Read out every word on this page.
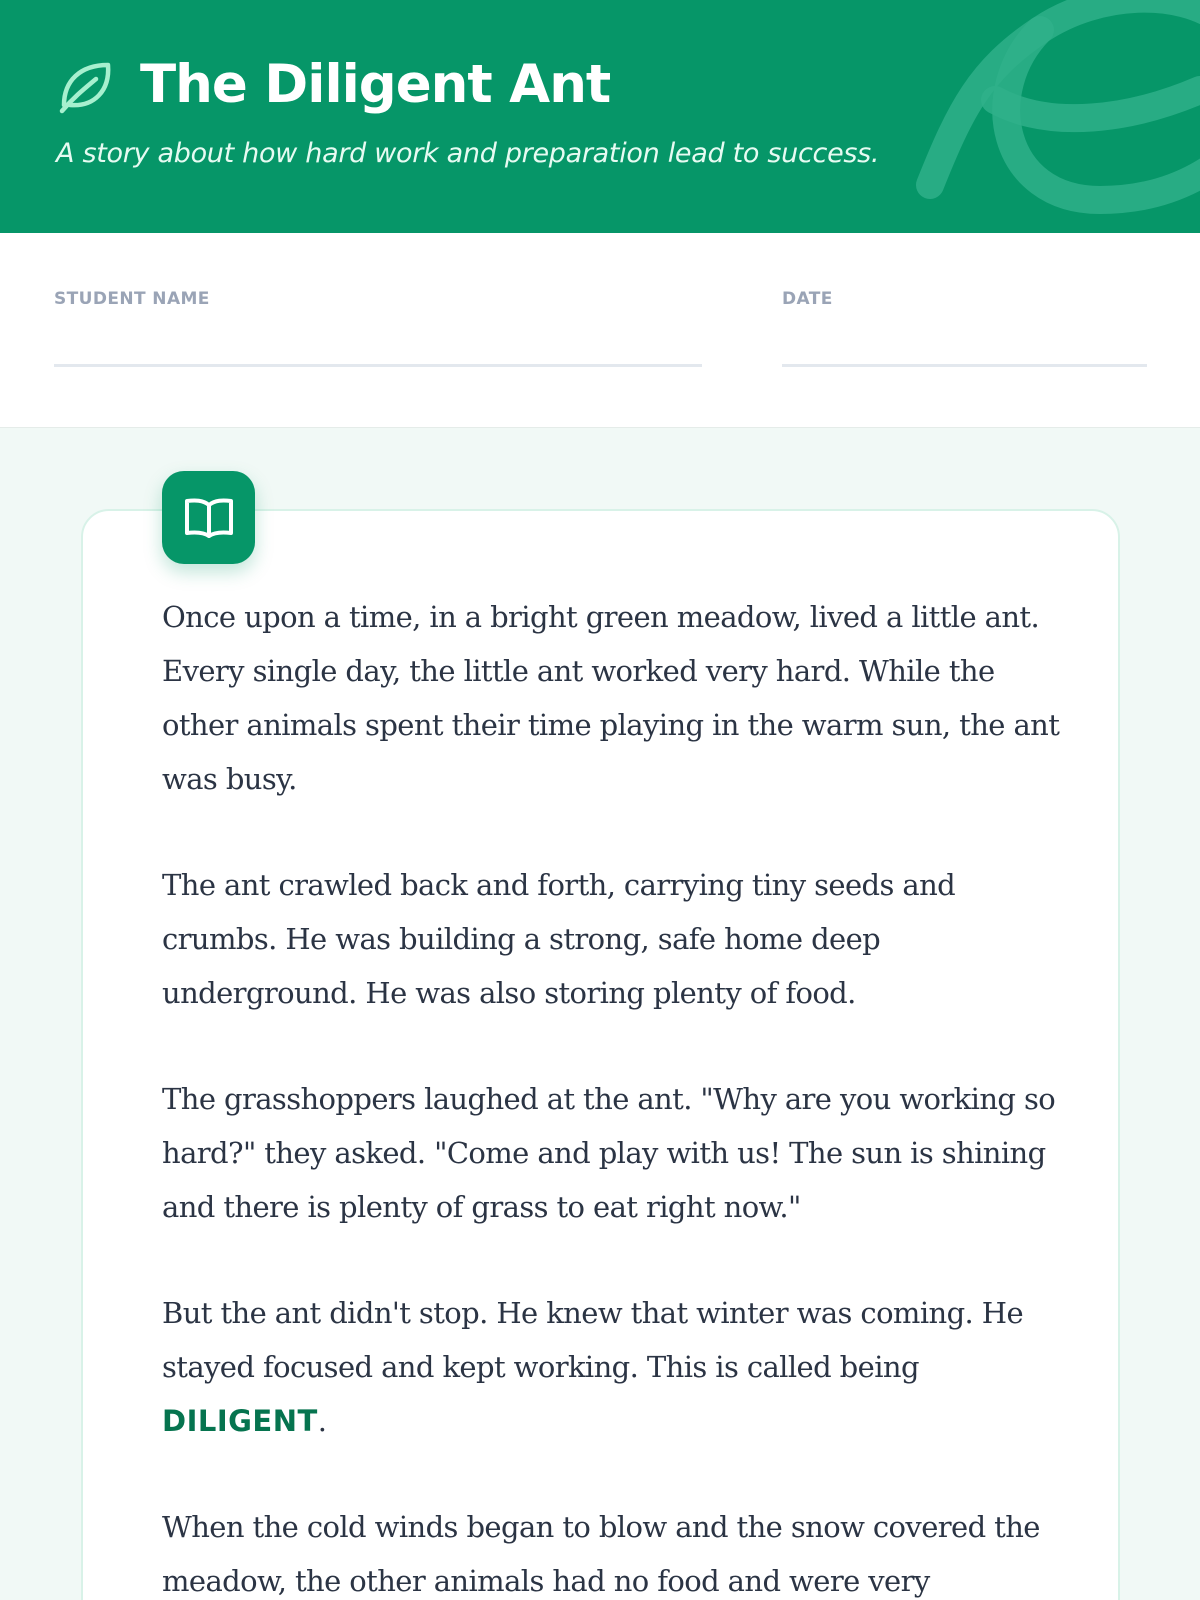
The Diligent Ant

A story about how hard work and preparation lead to success.

STUDENT NAME	DATE

Once upon a time, in a bright green meadow, lived a little ant. Every single day, the little ant worked very hard. While the other animals spent their time playing in the warm sun, the ant was busy.

The ant crawled back and forth, carrying tiny seeds and crumbs. He was building a strong, safe home deep underground. He was also storing plenty of food.

The grasshoppers laughed at the ant. "Why are you working so hard?" they asked. "Come and play with us! The sun is shining and there is plenty of grass to eat right now."

But the ant didn't stop. He knew that winter was coming. He stayed focused and kept working. This is called being DILIGENT.

When the cold winds began to blow and the snow covered the meadow, the other animals had no food and were very
